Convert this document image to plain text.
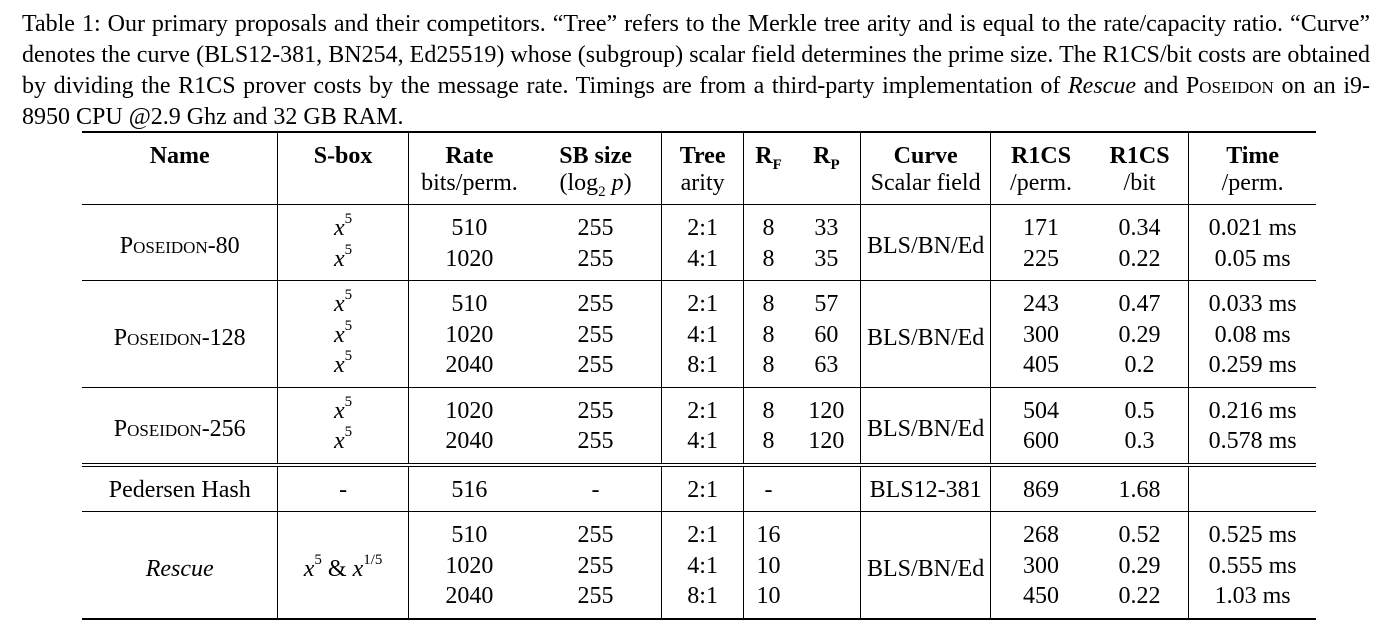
Table 1: Our primary proposals and their competitors. “Tree” refers to the Merkle tree arity and is equal to the rate/capacity ratio. “Curve” denotes the curve (BLS12-381, BN254, Ed25519) whose (subgroup) scalar field determines the prime size. The R1CS/bit costs are obtained by dividing the R1CS prover costs by the message rate. Timings are from a third-party implementation of Rescue and Poseidon on an i9-8950 CPU @2.9 Ghz and 32 GB RAM.
Name	S-box	Rate	SB size	Tree	$R_F$	$R_P$	Curve	R1CS	R1CS	Time
		bits/perm.	($\log_2$ p)	arity			Scalar field	/perm.	/bit	/perm.
Poseidon-80	$x^5$	510	255	2:1	8	33	BLS/BN/Ed	171	0.34	0.021 ms
	$x^5$	1020	255	4:1	8	35		225	0.22	0.05 ms
Poseidon-128	$x^5$	510	255	2:1	8	57	BLS/BN/Ed	243	0.47	0.033 ms
	$x^5$	1020	255	4:1	8	60		300	0.29	0.08 ms
	$x^5$	2040	255	8:1	8	63		405	0.2	0.259 ms
Poseidon-256	$x^5$	1020	255	2:1	8	120	BLS/BN/Ed	504	0.5	0.216 ms
	$x^5$	2040	255	4:1	8	120		600	0.3	0.578 ms
Pedersen Hash	-	516	-	2:1	-		BLS12-381	869	1.68	
Rescue	$x^5$ & $x^{1/5}$	510	255	2:1	16		BLS/BN/Ed	268	0.52	0.525 ms
		1020	255	4:1	10			300	0.29	0.555 ms
		2040	255	8:1	10			450	0.22	1.03 ms
